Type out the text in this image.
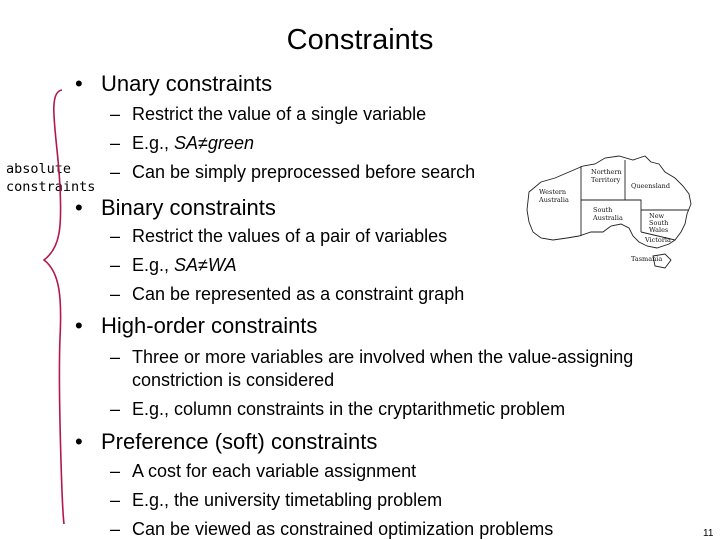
Constraints
absolute
constraints
• Unary constraints
– Restrict the value of a single variable
– E.g., SA≠green
– Can be simply preprocessed before search
• Binary constraints
– Restrict the values of a pair of variables
– E.g., SA≠WA
– Can be represented as a constraint graph
• High-order constraints
– Three or more variables are involved when the value-assigning
constriction is considered
– E.g., column constraints in the cryptarithmetic problem
• Preference (soft) constraints
– A cost for each variable assignment
– E.g., the university timetabling problem
– Can be viewed as constrained optimization problems	11
Western
Australia
Northern
Territory
Queensland
South
Australia	New
South
Wales
Victoria
Tasmania
